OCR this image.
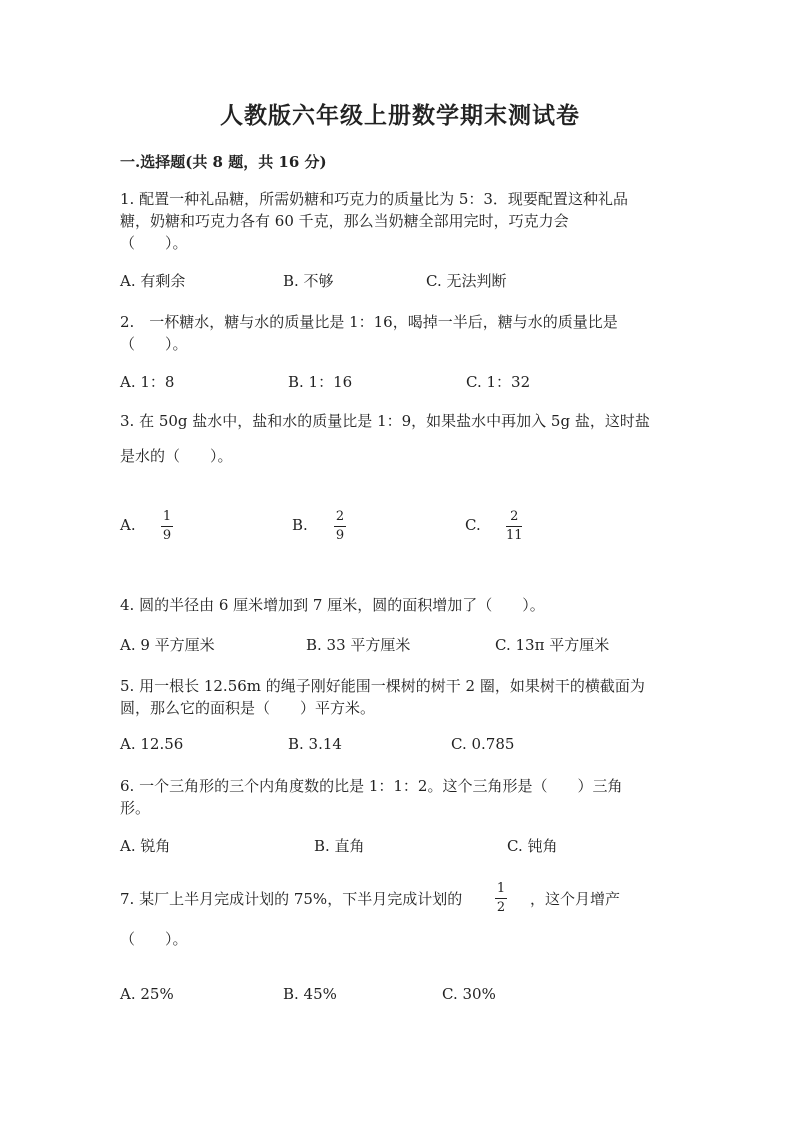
人教版六年级上册数学期末测试卷
一.选择题(共 8 题，共 16 分)
1. 配置一种礼品糖，所需奶糖和巧克力的质量比为 5：3．现要配置这种礼品
糖，奶糖和巧克力各有 60 千克，那么当奶糖全部用完时，巧克力会
（　　）。
A. 有剩余	B. 不够	C. 无法判断
2.　一杯糖水，糖与水的质量比是 1：16，喝掉一半后，糖与水的质量比是
（　　）。
A. 1：8	B. 1：16	C. 1：32
3. 在 50g 盐水中，盐和水的质量比是 1：9，如果盐水中再加入 5g 盐，这时盐
是水的（　　）。
A. 1
9
B. 2
9
C. 2
11
4. 圆的半径由 6 厘米增加到 7 厘米，圆的面积增加了（　　）。
A. 9 平方厘米	B. 33 平方厘米	C. 13π 平方厘米
5. 用一根长 12.56m 的绳子刚好能围一棵树的树干 2 圈，如果树干的横截面为
圆，那么它的面积是（　　）平方米。
A. 12.56	B. 3.14	C. 0.785
6. 一个三角形的三个内角度数的比是 1：1：2。这个三角形是（　　）三角
形。
A. 锐角	B. 直角	C. 钝角
7. 某厂上半月完成计划的 75%，下半月完成计划的
1
2 ，这个月增产
（　　）。
A. 25%	B. 45%	C. 30%
